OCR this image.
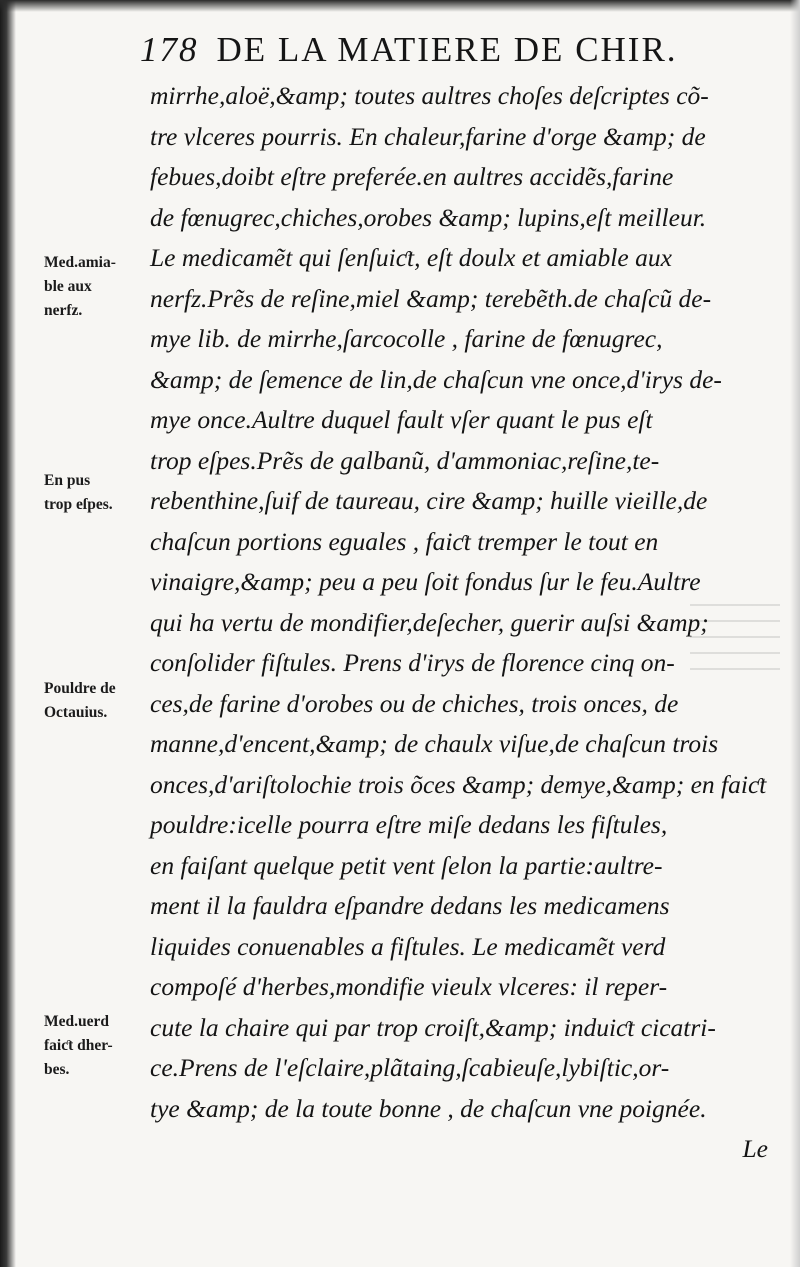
178 DE LA MATIERE DE CHIR.
mirrhe,aloë,&amp; toutes aultres choſes deſcriptes cõ-
tre vlceres pourris. En chaleur,farine d'orge &amp; de
febues,doibt eſtre preferée.en aultres accidẽs,farine
de fœnugrec,chiches,orobes &amp; lupins,eſt meilleur.
Le medicamẽt qui ſenſuiƈt, eſt doulx et amiable aux
nerfz.Prẽs de reſine,miel &amp; terebẽth.de chaſcũ de-
mye lib. de mirrhe,ſarcocolle , farine de fœnugrec,
&amp; de ſemence de lin,de chaſcun vne once,d'irys de-
mye once.Aultre duquel fault vſer quant le pus eſt
trop eſpes.Prẽs de galbanũ, d'ammoniac,reſine,te-
rebenthine,ſuif de taureau, cire &amp; huille vieille,de
chaſcun portions eguales , faiƈt tremper le tout en
vinaigre,&amp; peu a peu ſoit fondus ſur le feu.Aultre
qui ha vertu de mondifier,deſecher, guerir auſsi &amp;
conſolider fiſtules. Prens d'irys de florence cinq on-
ces,de farine d'orobes ou de chiches, trois onces, de
manne,d'encent,&amp; de chaulx viſue,de chaſcun trois
onces,d'ariſtolochie trois õces &amp; demye,&amp; en faiƈt
pouldre:icelle pourra eſtre miſe dedans les fiſtules,
en faiſant quelque petit vent ſelon la partie:aultre-
ment il la fauldra eſpandre dedans les medicamens
liquides conuenables a fiſtules. Le medicamẽt verd
compoſé d'herbes,mondifie vieulx vlceres: il reper-
cute la chaire qui par trop croiſt,&amp; induiƈt cicatri-
ce.Prens de l'eſclaire,plãtaing,ſcabieuſe,lybiſtic,or-
tye &amp; de la toute bonne , de chaſcun vne poignée.
Le
Med.amia-
ble aux
nerfz.
En pus
trop eſpes.
Pouldre de
Octauius.
Med.uerd
faiƈt dher-
bes.
